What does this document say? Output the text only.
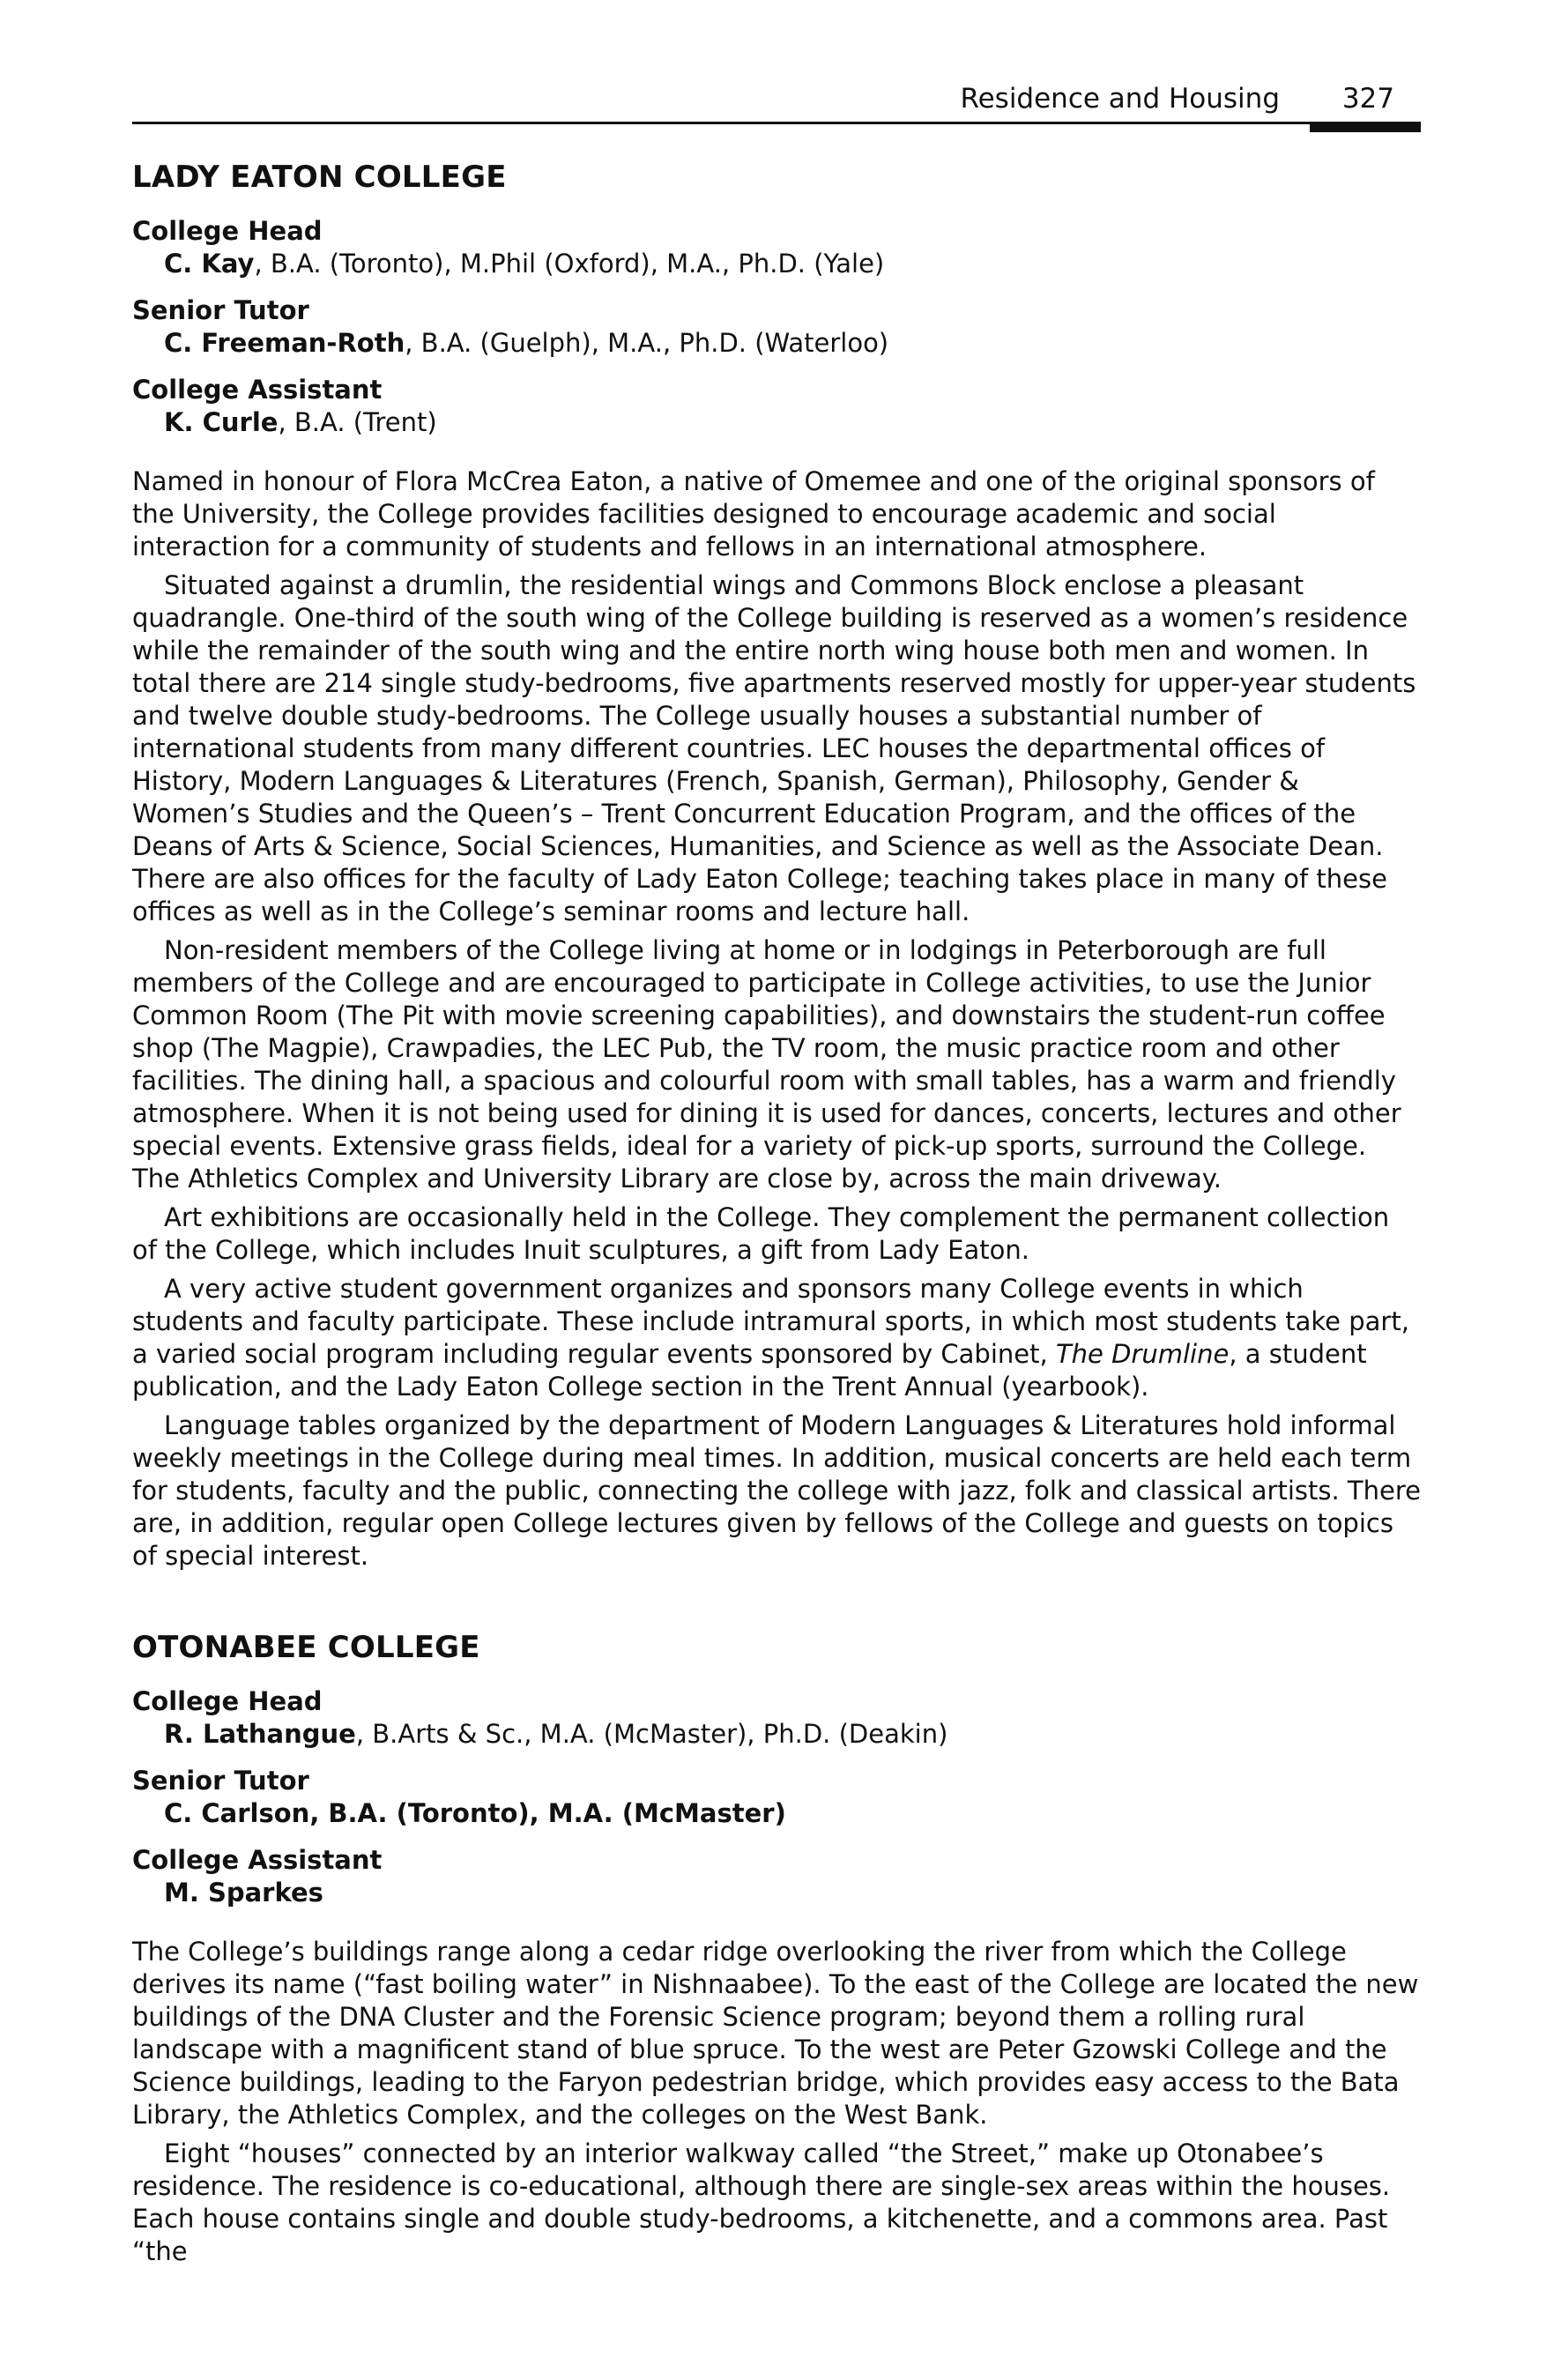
Residence and Housing 327
LADY EATON COLLEGE
College Head
C. Kay, B.A. (Toronto), M.Phil (Oxford), M.A., Ph.D. (Yale)
Senior Tutor
C. Freeman-Roth, B.A. (Guelph), M.A., Ph.D. (Waterloo)
College Assistant
K. Curle, B.A. (Trent)

Named in honour of Flora McCrea Eaton, a native of Omemee and one of the original sponsors of the University, the College provides facilities designed to encourage academic and social interaction for a community of students and fellows in an international atmosphere.

Situated against a drumlin, the residential wings and Commons Block enclose a pleasant quadrangle. One-third of the south wing of the College building is reserved as a women’s residence while the remainder of the south wing and the entire north wing house both men and women. In total there are 214 single study-bedrooms, five apartments reserved mostly for upper-year students and twelve double study-bedrooms. The College usually houses a substantial number of international students from many different countries. LEC houses the departmental offices of History, Modern Languages & Literatures (French, Spanish, German), Philosophy, Gender & Women’s Studies and the Queen’s – Trent Concurrent Education Program, and the offices of the Deans of Arts & Science, Social Sciences, Humanities, and Science as well as the Associate Dean. There are also offices for the faculty of Lady Eaton College; teaching takes place in many of these offices as well as in the College’s seminar rooms and lecture hall.

Non-resident members of the College living at home or in lodgings in Peterborough are full members of the College and are encouraged to participate in College activities, to use the Junior Common Room (The Pit with movie screening capabilities), and downstairs the student-run coffee shop (The Magpie), Crawpadies, the LEC Pub, the TV room, the music practice room and other facilities. The dining hall, a spacious and colourful room with small tables, has a warm and friendly atmosphere. When it is not being used for dining it is used for dances, concerts, lectures and other special events. Extensive grass fields, ideal for a variety of pick-up sports, surround the College. The Athletics Complex and University Library are close by, across the main driveway.

Art exhibitions are occasionally held in the College. They complement the permanent collection of the College, which includes Inuit sculptures, a gift from Lady Eaton.

A very active student government organizes and sponsors many College events in which students and faculty participate. These include intramural sports, in which most students take part, a varied social program including regular events sponsored by Cabinet, The Drumline, a student publication, and the Lady Eaton College section in the Trent Annual (yearbook).

Language tables organized by the department of Modern Languages & Literatures hold informal weekly meetings in the College during meal times. In addition, musical concerts are held each term for students, faculty and the public, connecting the college with jazz, folk and classical artists. There are, in addition, regular open College lectures given by fellows of the College and guests on topics of special interest.

OTONABEE COLLEGE
College Head
R. Lathangue, B.Arts & Sc., M.A. (McMaster), Ph.D. (Deakin)
Senior Tutor
C. Carlson, B.A. (Toronto), M.A. (McMaster)
College Assistant
M. Sparkes

The College’s buildings range along a cedar ridge overlooking the river from which the College derives its name (“fast boiling water” in Nishnaabee). To the east of the College are located the new buildings of the DNA Cluster and the Forensic Science program; beyond them a rolling rural landscape with a magnificent stand of blue spruce. To the west are Peter Gzowski College and the Science buildings, leading to the Faryon pedestrian bridge, which provides easy access to the Bata Library, the Athletics Complex, and the colleges on the West Bank.

Eight “houses” connected by an interior walkway called “the Street,” make up Otonabee’s residence. The residence is co-educational, although there are single-sex areas within the houses. Each house contains single and double study-bedrooms, a kitchenette, and a commons area. Past “the
